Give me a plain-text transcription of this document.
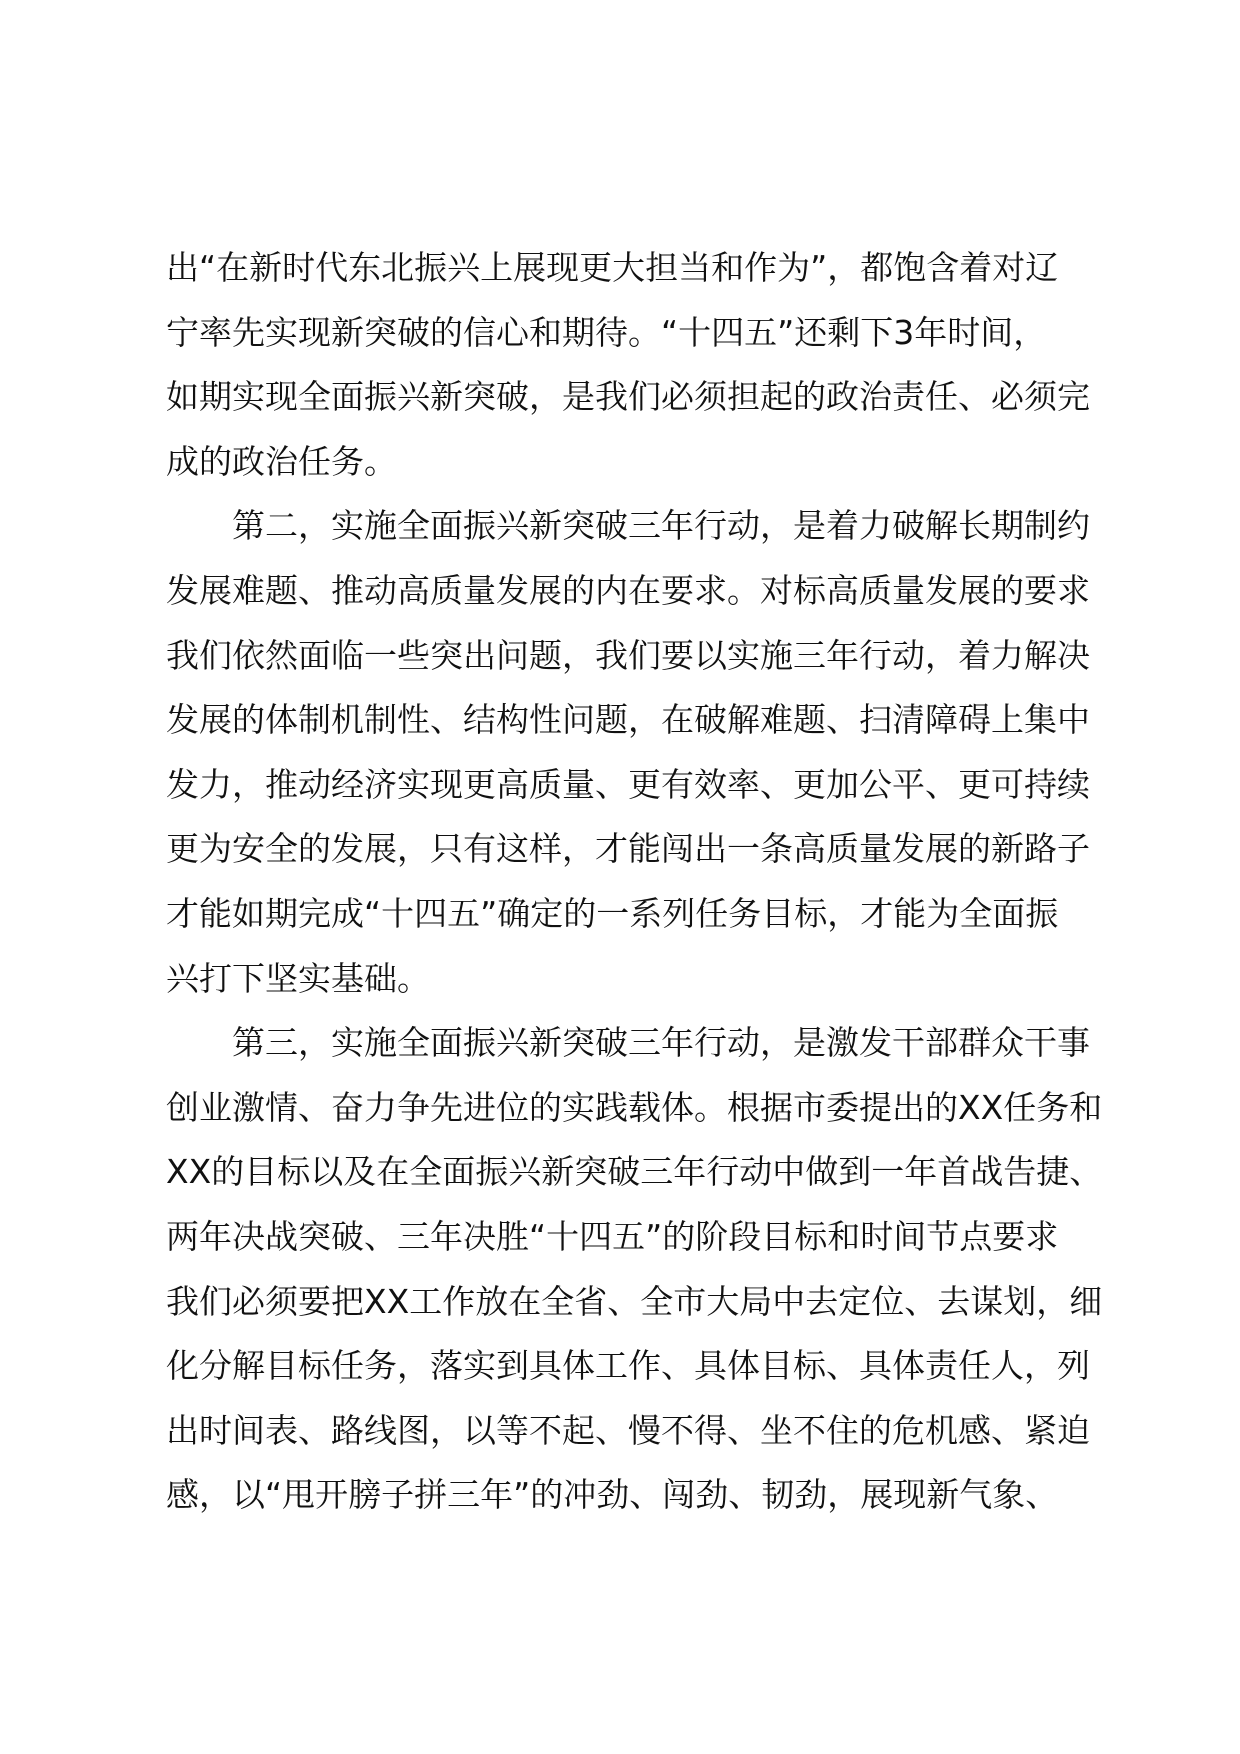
出“在新时代东北振兴上展现更大担当和作为”，都饱含着对辽
宁率先实现新突破的信心和期待。“十四五”还剩下3年时间，
如期实现全面振兴新突破，是我们必须担起的政治责任、必须完
成的政治任务。
第二，实施全面振兴新突破三年行动，是着力破解长期制约
发展难题、推动高质量发展的内在要求。对标高质量发展的要求
我们依然面临一些突出问题，我们要以实施三年行动，着力解决
发展的体制机制性、结构性问题，在破解难题、扫清障碍上集中
发力，推动经济实现更高质量、更有效率、更加公平、更可持续
更为安全的发展，只有这样，才能闯出一条高质量发展的新路子
才能如期完成“十四五”确定的一系列任务目标，才能为全面振
兴打下坚实基础。
第三，实施全面振兴新突破三年行动，是激发干部群众干事
创业激情、奋力争先进位的实践载体。根据市委提出的XX任务和
XX的目标以及在全面振兴新突破三年行动中做到一年首战告捷、
两年决战突破、三年决胜“十四五”的阶段目标和时间节点要求
我们必须要把XX工作放在全省、全市大局中去定位、去谋划，细
化分解目标任务，落实到具体工作、具体目标、具体责任人，列
出时间表、路线图，以等不起、慢不得、坐不住的危机感、紧迫
感，以“甩开膀子拼三年”的冲劲、闯劲、韧劲，展现新气象、
